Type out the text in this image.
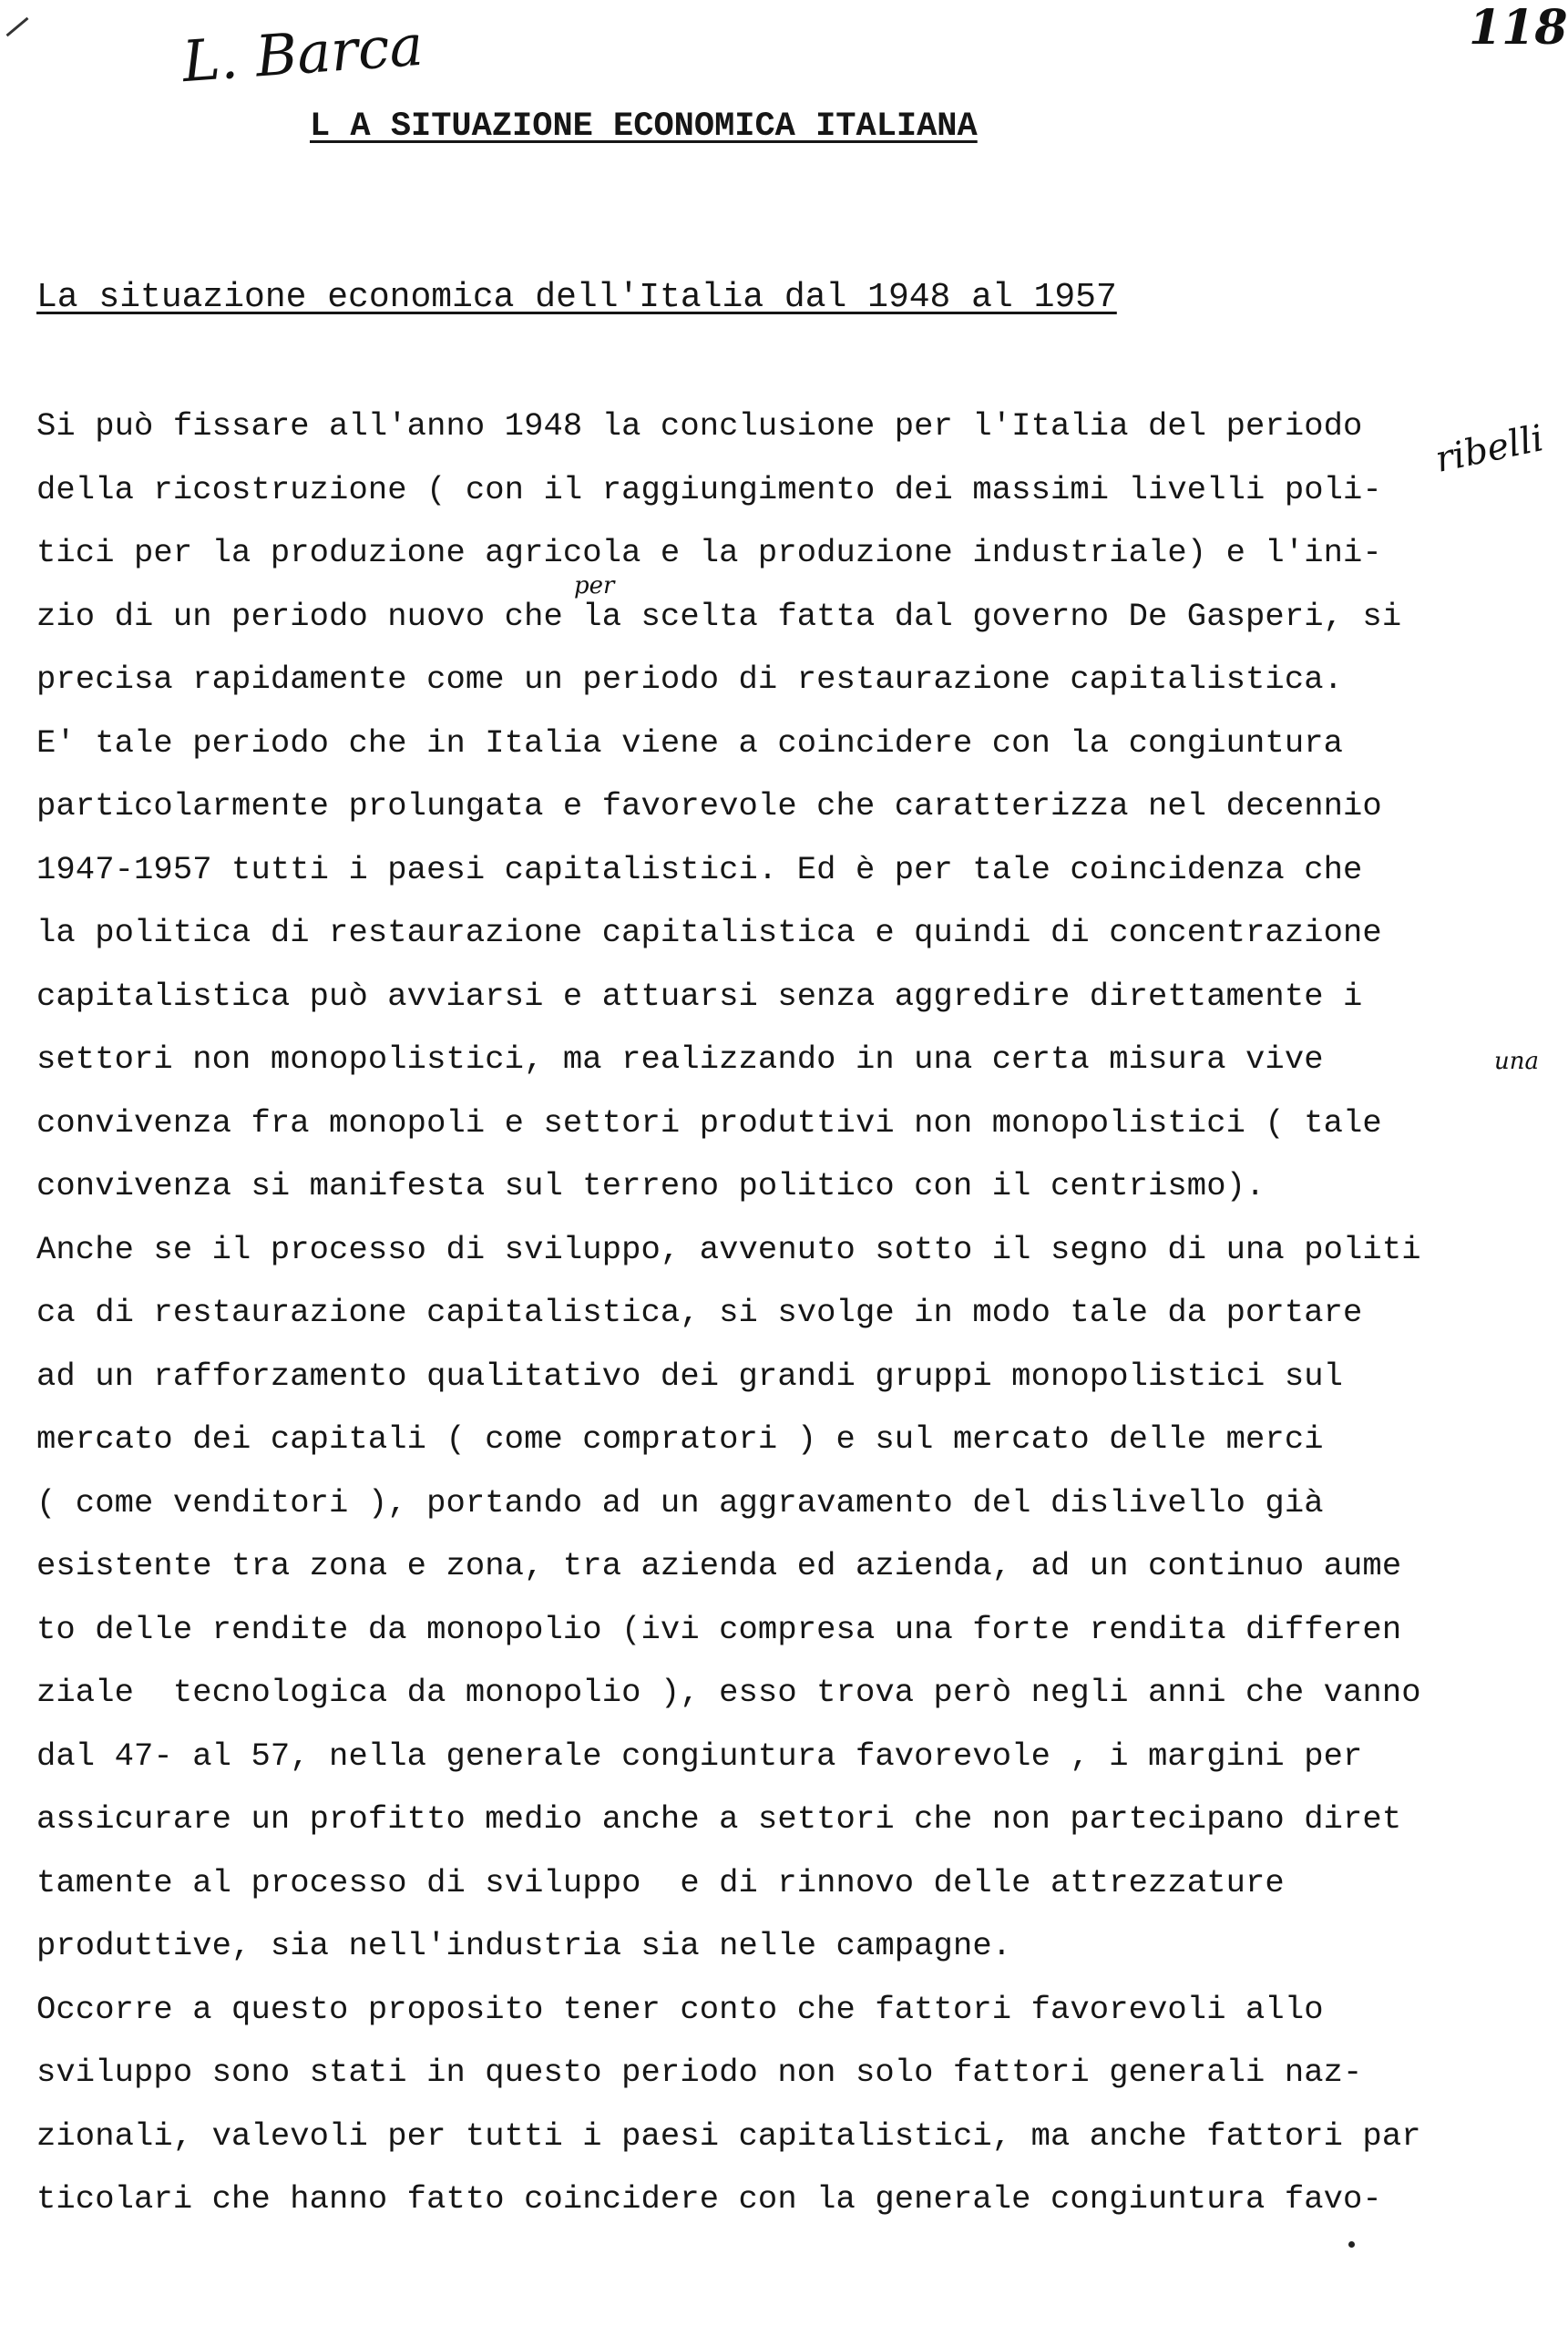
L. Barca	118
L A SITUAZIONE ECONOMICA ITALIANA
La situazione economica dell'Italia dal 1948 al 1957
ribelli
per
una
Si può fissare all'anno 1948 la conclusione per l'Italia del periodo
della ricostruzione ( con il raggiungimento dei massimi livelli poli-
tici per la produzione agricola e la produzione industriale) e l'ini-
zio di un periodo nuovo che la scelta fatta dal governo De Gasperi, si
precisa rapidamente come un periodo di restaurazione capitalistica.
E' tale periodo che in Italia viene a coincidere con la congiuntura
particolarmente prolungata e favorevole che caratterizza nel decennio
1947-1957 tutti i paesi capitalistici. Ed è per tale coincidenza che
la politica di restaurazione capitalistica e quindi di concentrazione
capitalistica può avviarsi e attuarsi senza aggredire direttamente i
settori non monopolistici, ma realizzando in una certa misura vive
convivenza fra monopoli e settori produttivi non monopolistici ( tale
convivenza si manifesta sul terreno politico con il centrismo).
Anche se il processo di sviluppo, avvenuto sotto il segno di una politi
ca di restaurazione capitalistica, si svolge in modo tale da portare
ad un rafforzamento qualitativo dei grandi gruppi monopolistici sul
mercato dei capitali ( come compratori ) e sul mercato delle merci
( come venditori ), portando ad un aggravamento del dislivello già
esistente tra zona e zona, tra azienda ed azienda, ad un continuo aume
to delle rendite da monopolio (ivi compresa una forte rendita differen
ziale  tecnologica da monopolio ), esso trova però negli anni che vanno
dal 47- al 57, nella generale congiuntura favorevole , i margini per
assicurare un profitto medio anche a settori che non partecipano diret
tamente al processo di sviluppo  e di rinnovo delle attrezzature
produttive, sia nell'industria sia nelle campagne.
Occorre a questo proposito tener conto che fattori favorevoli allo
sviluppo sono stati in questo periodo non solo fattori generali naz-
zionali, valevoli per tutti i paesi capitalistici, ma anche fattori par
ticolari che hanno fatto coincidere con la generale congiuntura favo-
